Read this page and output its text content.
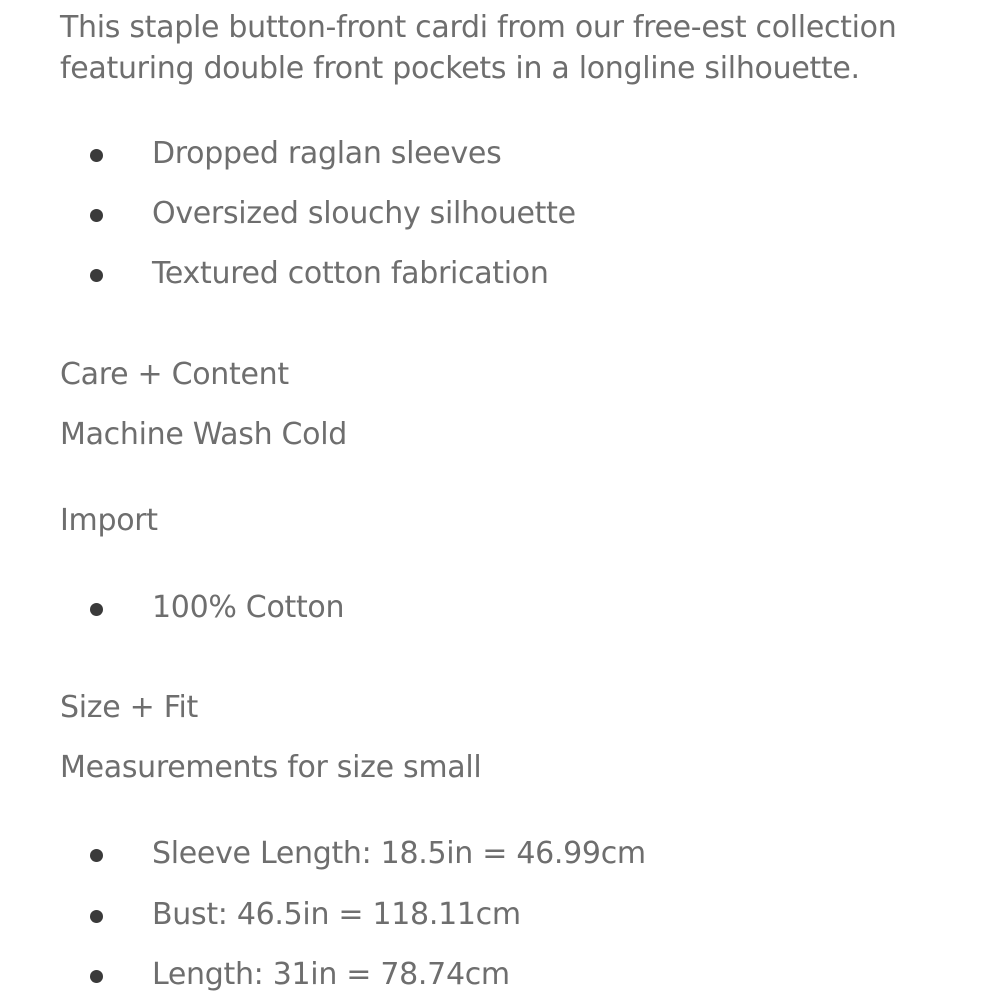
This staple button-front cardi from our free-est collection
featuring double front pockets in a longline silhouette.
Dropped raglan sleeves
Oversized slouchy silhouette
Textured cotton fabrication
Care + Content
Machine Wash Cold
Import
100% Cotton
Size + Fit
Measurements for size small
Sleeve Length: 18.5in = 46.99cm
Bust: 46.5in = 118.11cm
Length: 31in = 78.74cm
